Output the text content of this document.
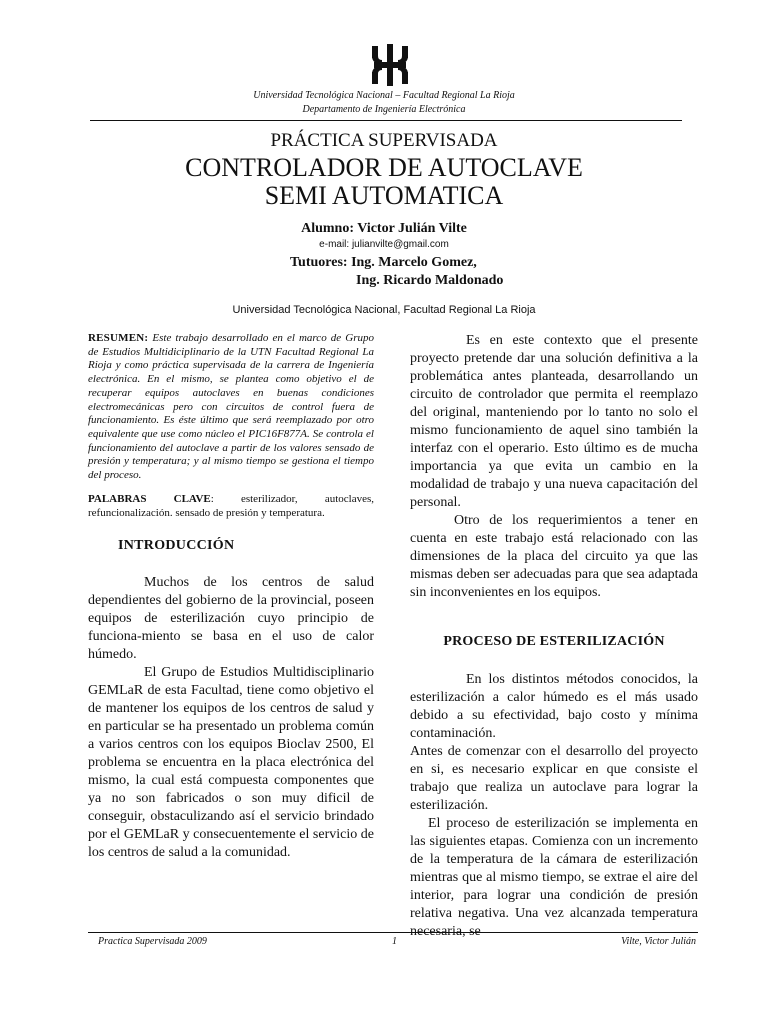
Universidad Tecnológica Nacional – Facultad Regional La Rioja
Departamento de Ingeniería Electrónica
PRÁCTICA SUPERVISADA
CONTROLADOR DE AUTOCLAVE
SEMI AUTOMATICA
Alumno: Victor Julián Vilte
e-mail: julianvilte@gmail.com
Tutuores: Ing. Marcelo Gomez,
Ing. Ricardo Maldonado
Universidad Tecnológica Nacional, Facultad Regional La Rioja

RESUMEN: Este trabajo desarrollado en el marco de Grupo de Estudios Multidiciplinario de la UTN Facultad Regional La Rioja y como práctica supervisada de la carrera de Ingeniería electrónica. En el mismo, se plantea como objetivo el de recuperar equipos autoclaves en buenas condiciones electromecánicas pero con circuitos de control fuera de funcionamiento. Es éste último que será reemplazado por otro equivalente que use como núcleo el PIC16F877A. Se controla el funcionamiento del autoclave a partir de los valores sensado de presión y temperatura; y al mismo tiempo se gestiona el tiempo del proceso.

PALABRAS CLAVE: esterilizador, autoclaves, refuncionalización. sensado de presión y temperatura.

INTRODUCCIÓN

Muchos de los centros de salud dependientes del gobierno de la provincial, poseen equipos de esterilización cuyo principio de funciona-miento se basa en el uso de calor húmedo.

El Grupo de Estudios Multidisciplinario GEMLaR de esta Facultad, tiene como objetivo el de mantener los equipos de los centros de salud y en particular se ha presentado un problema común a varios centros con los equipos Bioclav 2500, El problema se encuentra en la placa electrónica del mismo, la cual está compuesta componentes que ya no son fabricados o son muy dificil de conseguir, obstaculizando así el servicio brindado por el GEMLaR y consecuentemente el servicio de los centros de salud a la comunidad.

Es en este contexto que el presente proyecto pretende dar una solución definitiva a la problemática antes planteada, desarrollando un circuito de controlador que permita el reemplazo del original, manteniendo por lo tanto no solo el mismo funcionamiento de aquel sino también la interfaz con el operario. Esto último es de mucha importancia ya que evita un cambio en la modalidad de trabajo y una nueva capacitación del personal.

Otro de los requerimientos a tener en cuenta en este trabajo está relacionado con las dimensiones de la placa del circuito ya que las mismas deben ser adecuadas para que sea adaptada sin inconvenientes en los equipos.

PROCESO DE ESTERILIZACIÓN

En los distintos métodos conocidos, la esterilización a calor húmedo es el más usado debido a su efectividad, bajo costo y mínima contaminación.

Antes de comenzar con el desarrollo del proyecto en si, es necesario explicar en que consiste el trabajo que realiza un autoclave para lograr la esterilización.

El proceso de esterilización se implementa en las siguientes etapas. Comienza con un incremento de la temperatura de la cámara de esterilización mientras que al mismo tiempo, se extrae el aire del interior, para lograr una condición de presión relativa negativa. Una vez alcanzada temperatura necesaria, se

Practica Supervisada 2009	1	Vilte, Victor Julián
